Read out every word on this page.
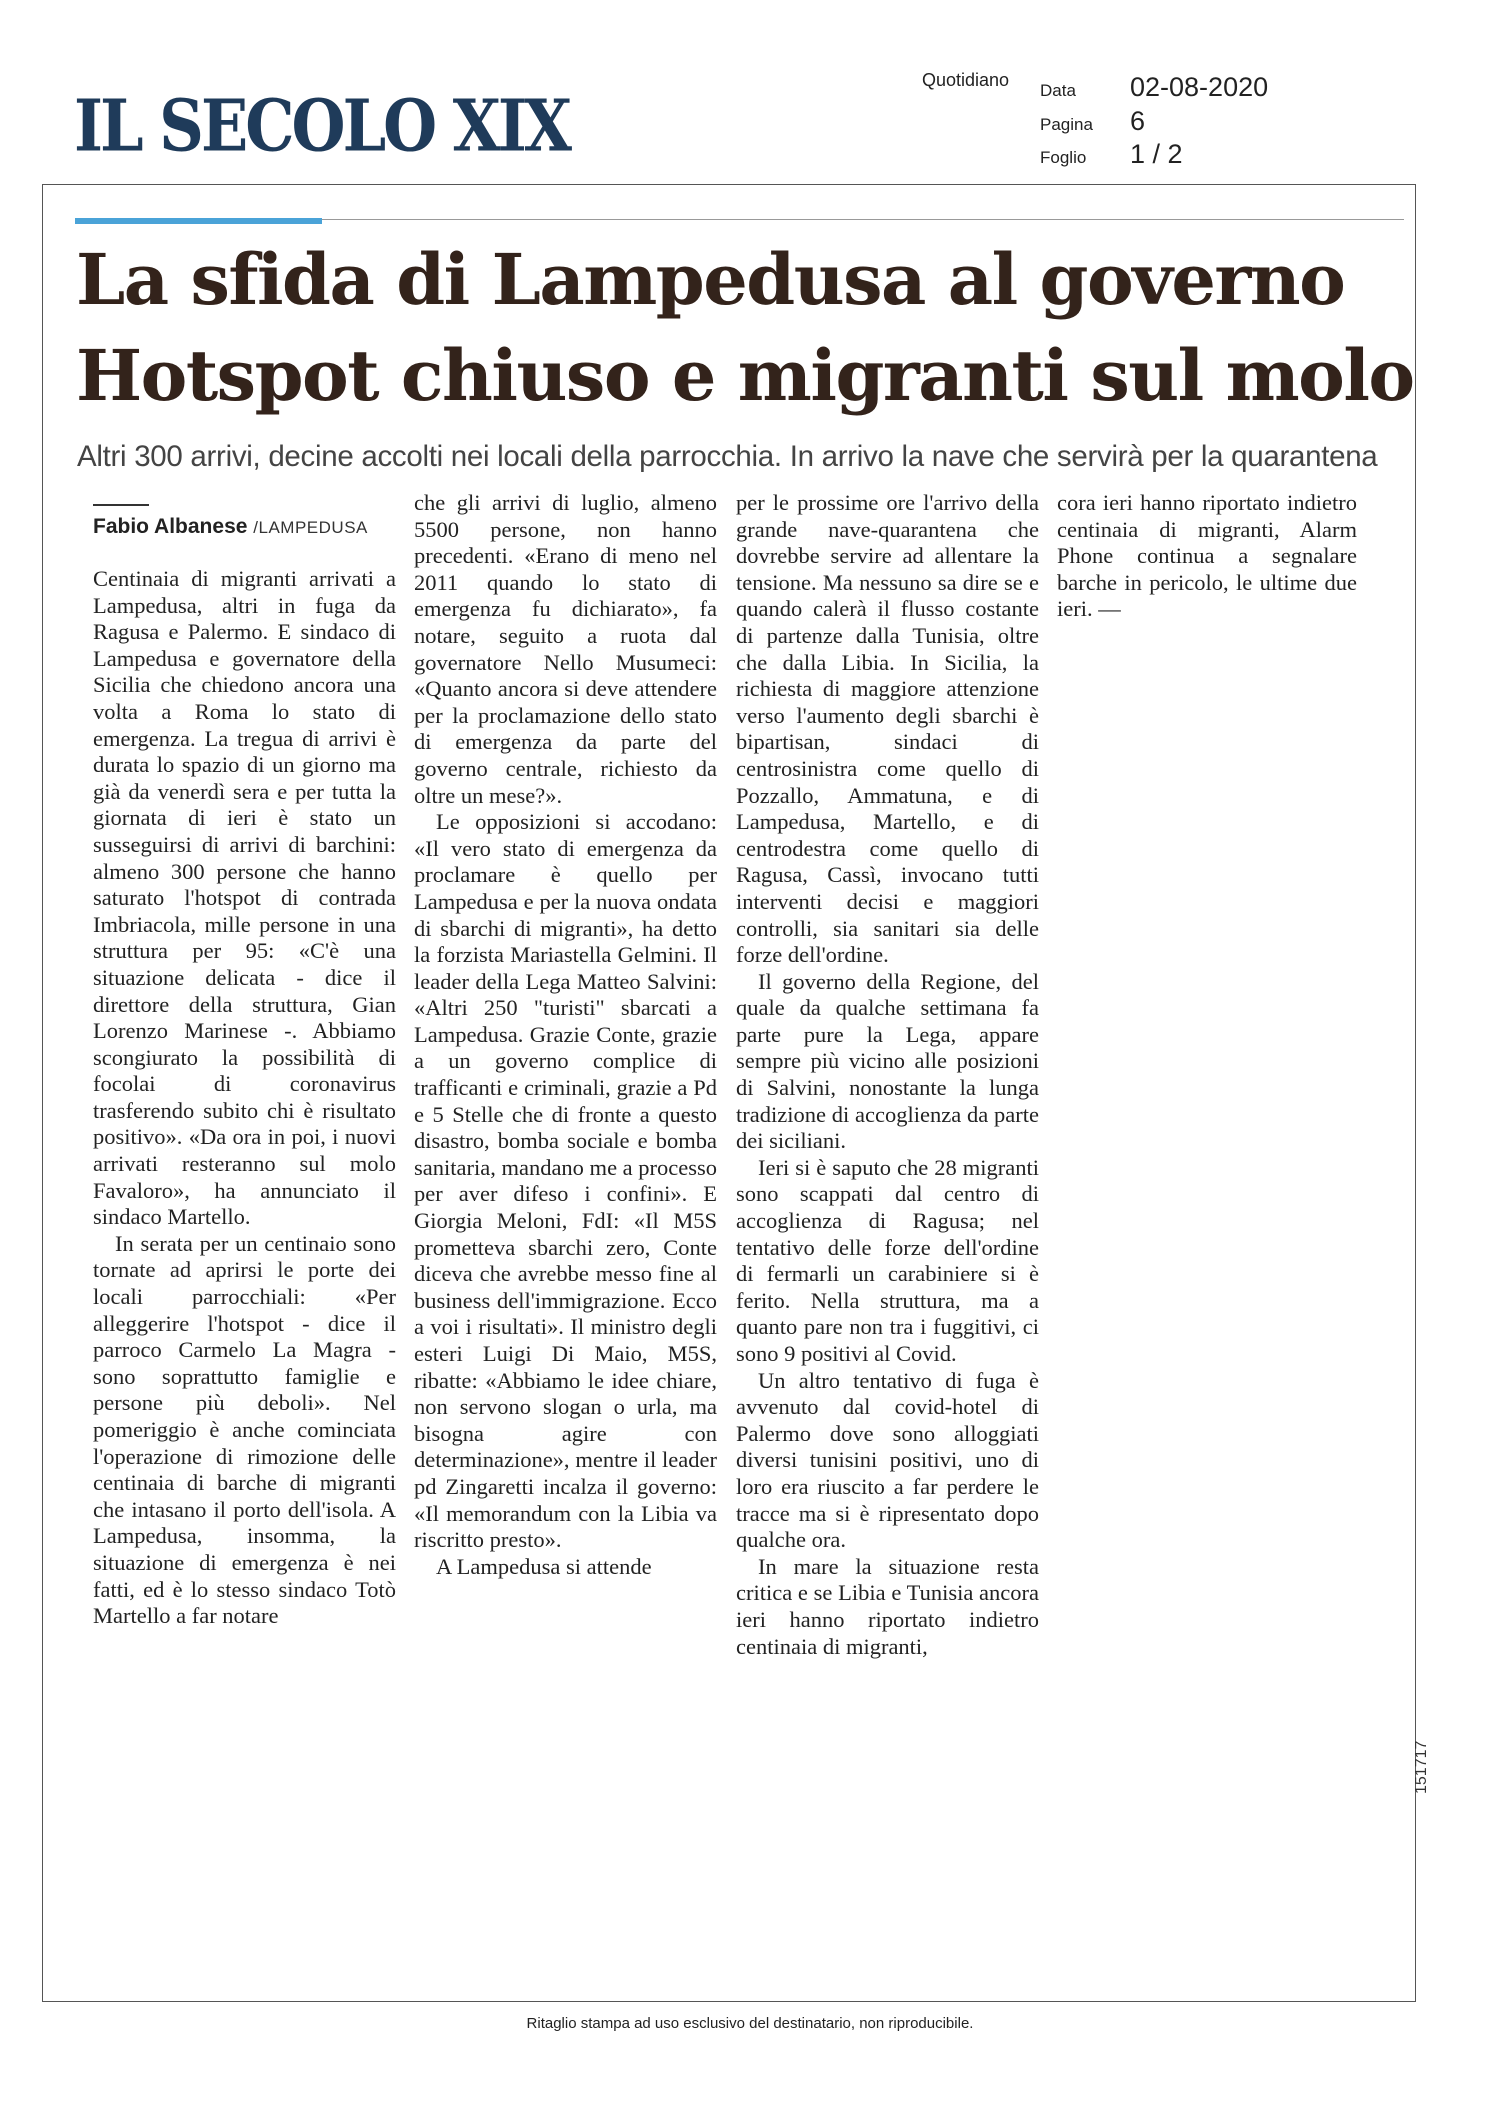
IL SECOLO XIX
Quotidiano
Data 02-08-2020
Pagina 6
Foglio 1 / 2
La sfida di Lampedusa al governo
Hotspot chiuso e migranti sul molo
Altri 300 arrivi, decine accolti nei locali della parrocchia. In arrivo la nave che servirà per la quarantena
Fabio Albanese /LAMPEDUSA

Centinaia di migranti arrivati a Lampedusa, altri in fuga da Ragusa e Palermo. E sindaco di Lampedusa e governatore della Sicilia che chiedono ancora una volta a Roma lo stato di emergenza. La tregua di arrivi è durata lo spazio di un giorno ma già da venerdì sera e per tutta la giornata di ieri è stato un susseguirsi di arrivi di barchini: almeno 300 persone che hanno saturato l'hotspot di contrada Imbriacola, mille persone in una struttura per 95: «C'è una situazione delicata - dice il direttore della struttura, Gian Lorenzo Marinese -. Abbiamo scongiurato la possibilità di focolai di coronavirus trasferendo subito chi è risultato positivo». «Da ora in poi, i nuovi arrivati resteranno sul molo Favaloro», ha annunciato il sindaco Martello.

In serata per un centinaio sono tornate ad aprirsi le porte dei locali parrocchiali: «Per alleggerire l'hotspot - dice il parroco Carmelo La Magra - sono soprattutto famiglie e persone più deboli». Nel pomeriggio è anche cominciata l'operazione di rimozione delle centinaia di barche di migranti che intasano il porto dell'isola. A Lampedusa, insomma, la situazione di emergenza è nei fatti, ed è lo stesso sindaco Totò Martello a far notare

che gli arrivi di luglio, almeno 5500 persone, non hanno precedenti. «Erano di meno nel 2011 quando lo stato di emergenza fu dichiarato», fa notare, seguito a ruota dal governatore Nello Musumeci: «Quanto ancora si deve attendere per la proclamazione dello stato di emergenza da parte del governo centrale, richiesto da oltre un mese?».

Le opposizioni si accodano: «Il vero stato di emergenza da proclamare è quello per Lampedusa e per la nuova ondata di sbarchi di migranti», ha detto la forzista Mariastella Gelmini. Il leader della Lega Matteo Salvini: «Altri 250 "turisti" sbarcati a Lampedusa. Grazie Conte, grazie a un governo complice di trafficanti e criminali, grazie a Pd e 5 Stelle che di fronte a questo disastro, bomba sociale e bomba sanitaria, mandano me a processo per aver difeso i confini». E Giorgia Meloni, FdI: «Il M5S prometteva sbarchi zero, Conte diceva che avrebbe messo fine al business dell'immigrazione. Ecco a voi i risultati». Il ministro degli esteri Luigi Di Maio, M5S, ribatte: «Abbiamo le idee chiare, non servono slogan o urla, ma bisogna agire con determinazione», mentre il leader pd Zingaretti incalza il governo: «Il memorandum con la Libia va riscritto presto».

A Lampedusa si attende

per le prossime ore l'arrivo della grande nave-quarantena che dovrebbe servire ad allentare la tensione. Ma nessuno sa dire se e quando calerà il flusso costante di partenze dalla Tunisia, oltre che dalla Libia. In Sicilia, la richiesta di maggiore attenzione verso l'aumento degli sbarchi è bipartisan, sindaci di centrosinistra come quello di Pozzallo, Ammatuna, e di Lampedusa, Martello, e di centrodestra come quello di Ragusa, Cassì, invocano tutti interventi decisi e maggiori controlli, sia sanitari sia delle forze dell'ordine.

Il governo della Regione, del quale da qualche settimana fa parte pure la Lega, appare sempre più vicino alle posizioni di Salvini, nonostante la lunga tradizione di accoglienza da parte dei siciliani.

Ieri si è saputo che 28 migranti sono scappati dal centro di accoglienza di Ragusa; nel tentativo delle forze dell'ordine di fermarli un carabiniere si è ferito. Nella struttura, ma a quanto pare non tra i fuggitivi, ci sono 9 positivi al Covid.

Un altro tentativo di fuga è avvenuto dal covid-hotel di Palermo dove sono alloggiati diversi tunisini positivi, uno di loro era riuscito a far perdere le tracce ma si è ripresentato dopo qualche ora.

In mare la situazione resta critica e se Libia e Tunisia ancora ieri hanno riportato indietro centinaia di migranti,

cora ieri hanno riportato indietro centinaia di migranti, Alarm Phone continua a segnalare barche in pericolo, le ultime due ieri. —

151717
Ritaglio stampa ad uso esclusivo del destinatario, non riproducibile.
